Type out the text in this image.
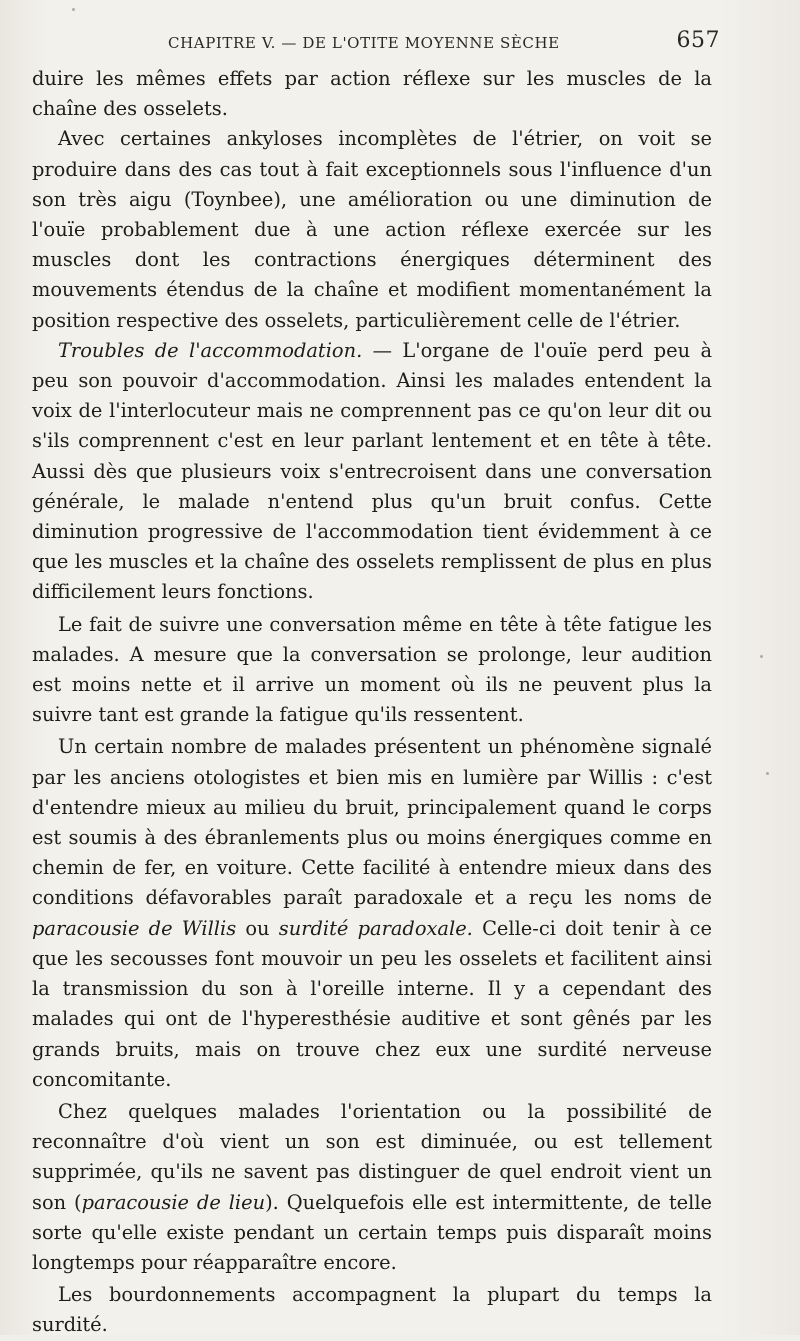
CHAPITRE V. — DE L'OTITE MOYENNE SÈCHE	657

duire les mêmes effets par action réflexe sur les muscles de la chaîne des osselets.

Avec certaines ankyloses incomplètes de l'étrier, on voit se produire dans des cas tout à fait exceptionnels sous l'influence d'un son très aigu (Toynbee), une amélioration ou une diminution de l'ouïe probablement due à une action réflexe exercée sur les muscles dont les contractions énergiques déterminent des mouvements étendus de la chaîne et modifient momentanément la position respective des osselets, particulièrement celle de l'étrier.

Troubles de l'accommodation. — L'organe de l'ouïe perd peu à peu son pouvoir d'accommodation. Ainsi les malades entendent la voix de l'interlocuteur mais ne comprennent pas ce qu'on leur dit ou s'ils comprennent c'est en leur parlant lentement et en tête à tête. Aussi dès que plusieurs voix s'entrecroisent dans une conversation générale, le malade n'entend plus qu'un bruit confus. Cette diminution progressive de l'accommodation tient évidemment à ce que les muscles et la chaîne des osselets remplissent de plus en plus difficilement leurs fonctions.

Le fait de suivre une conversation même en tête à tête fatigue les malades. A mesure que la conversation se prolonge, leur audition est moins nette et il arrive un moment où ils ne peuvent plus la suivre tant est grande la fatigue qu'ils ressentent.

Un certain nombre de malades présentent un phénomène signalé par les anciens otologistes et bien mis en lumière par Willis : c'est d'entendre mieux au milieu du bruit, principalement quand le corps est soumis à des ébranlements plus ou moins énergiques comme en chemin de fer, en voiture. Cette facilité à entendre mieux dans des conditions défavorables paraît paradoxale et a reçu les noms de paracousie de Willis ou surdité paradoxale. Celle-ci doit tenir à ce que les secousses font mouvoir un peu les osselets et facilitent ainsi la transmission du son à l'oreille interne. Il y a cependant des malades qui ont de l'hyperesthésie auditive et sont gênés par les grands bruits, mais on trouve chez eux une surdité nerveuse concomitante.

Chez quelques malades l'orientation ou la possibilité de reconnaître d'où vient un son est diminuée, ou est tellement supprimée, qu'ils ne savent pas distinguer de quel endroit vient un son (paracousie de lieu). Quelquefois elle est intermittente, de telle sorte qu'elle existe pendant un certain temps puis disparaît moins longtemps pour réapparaître encore.

Les bourdonnements accompagnent la plupart du temps la surdité.
